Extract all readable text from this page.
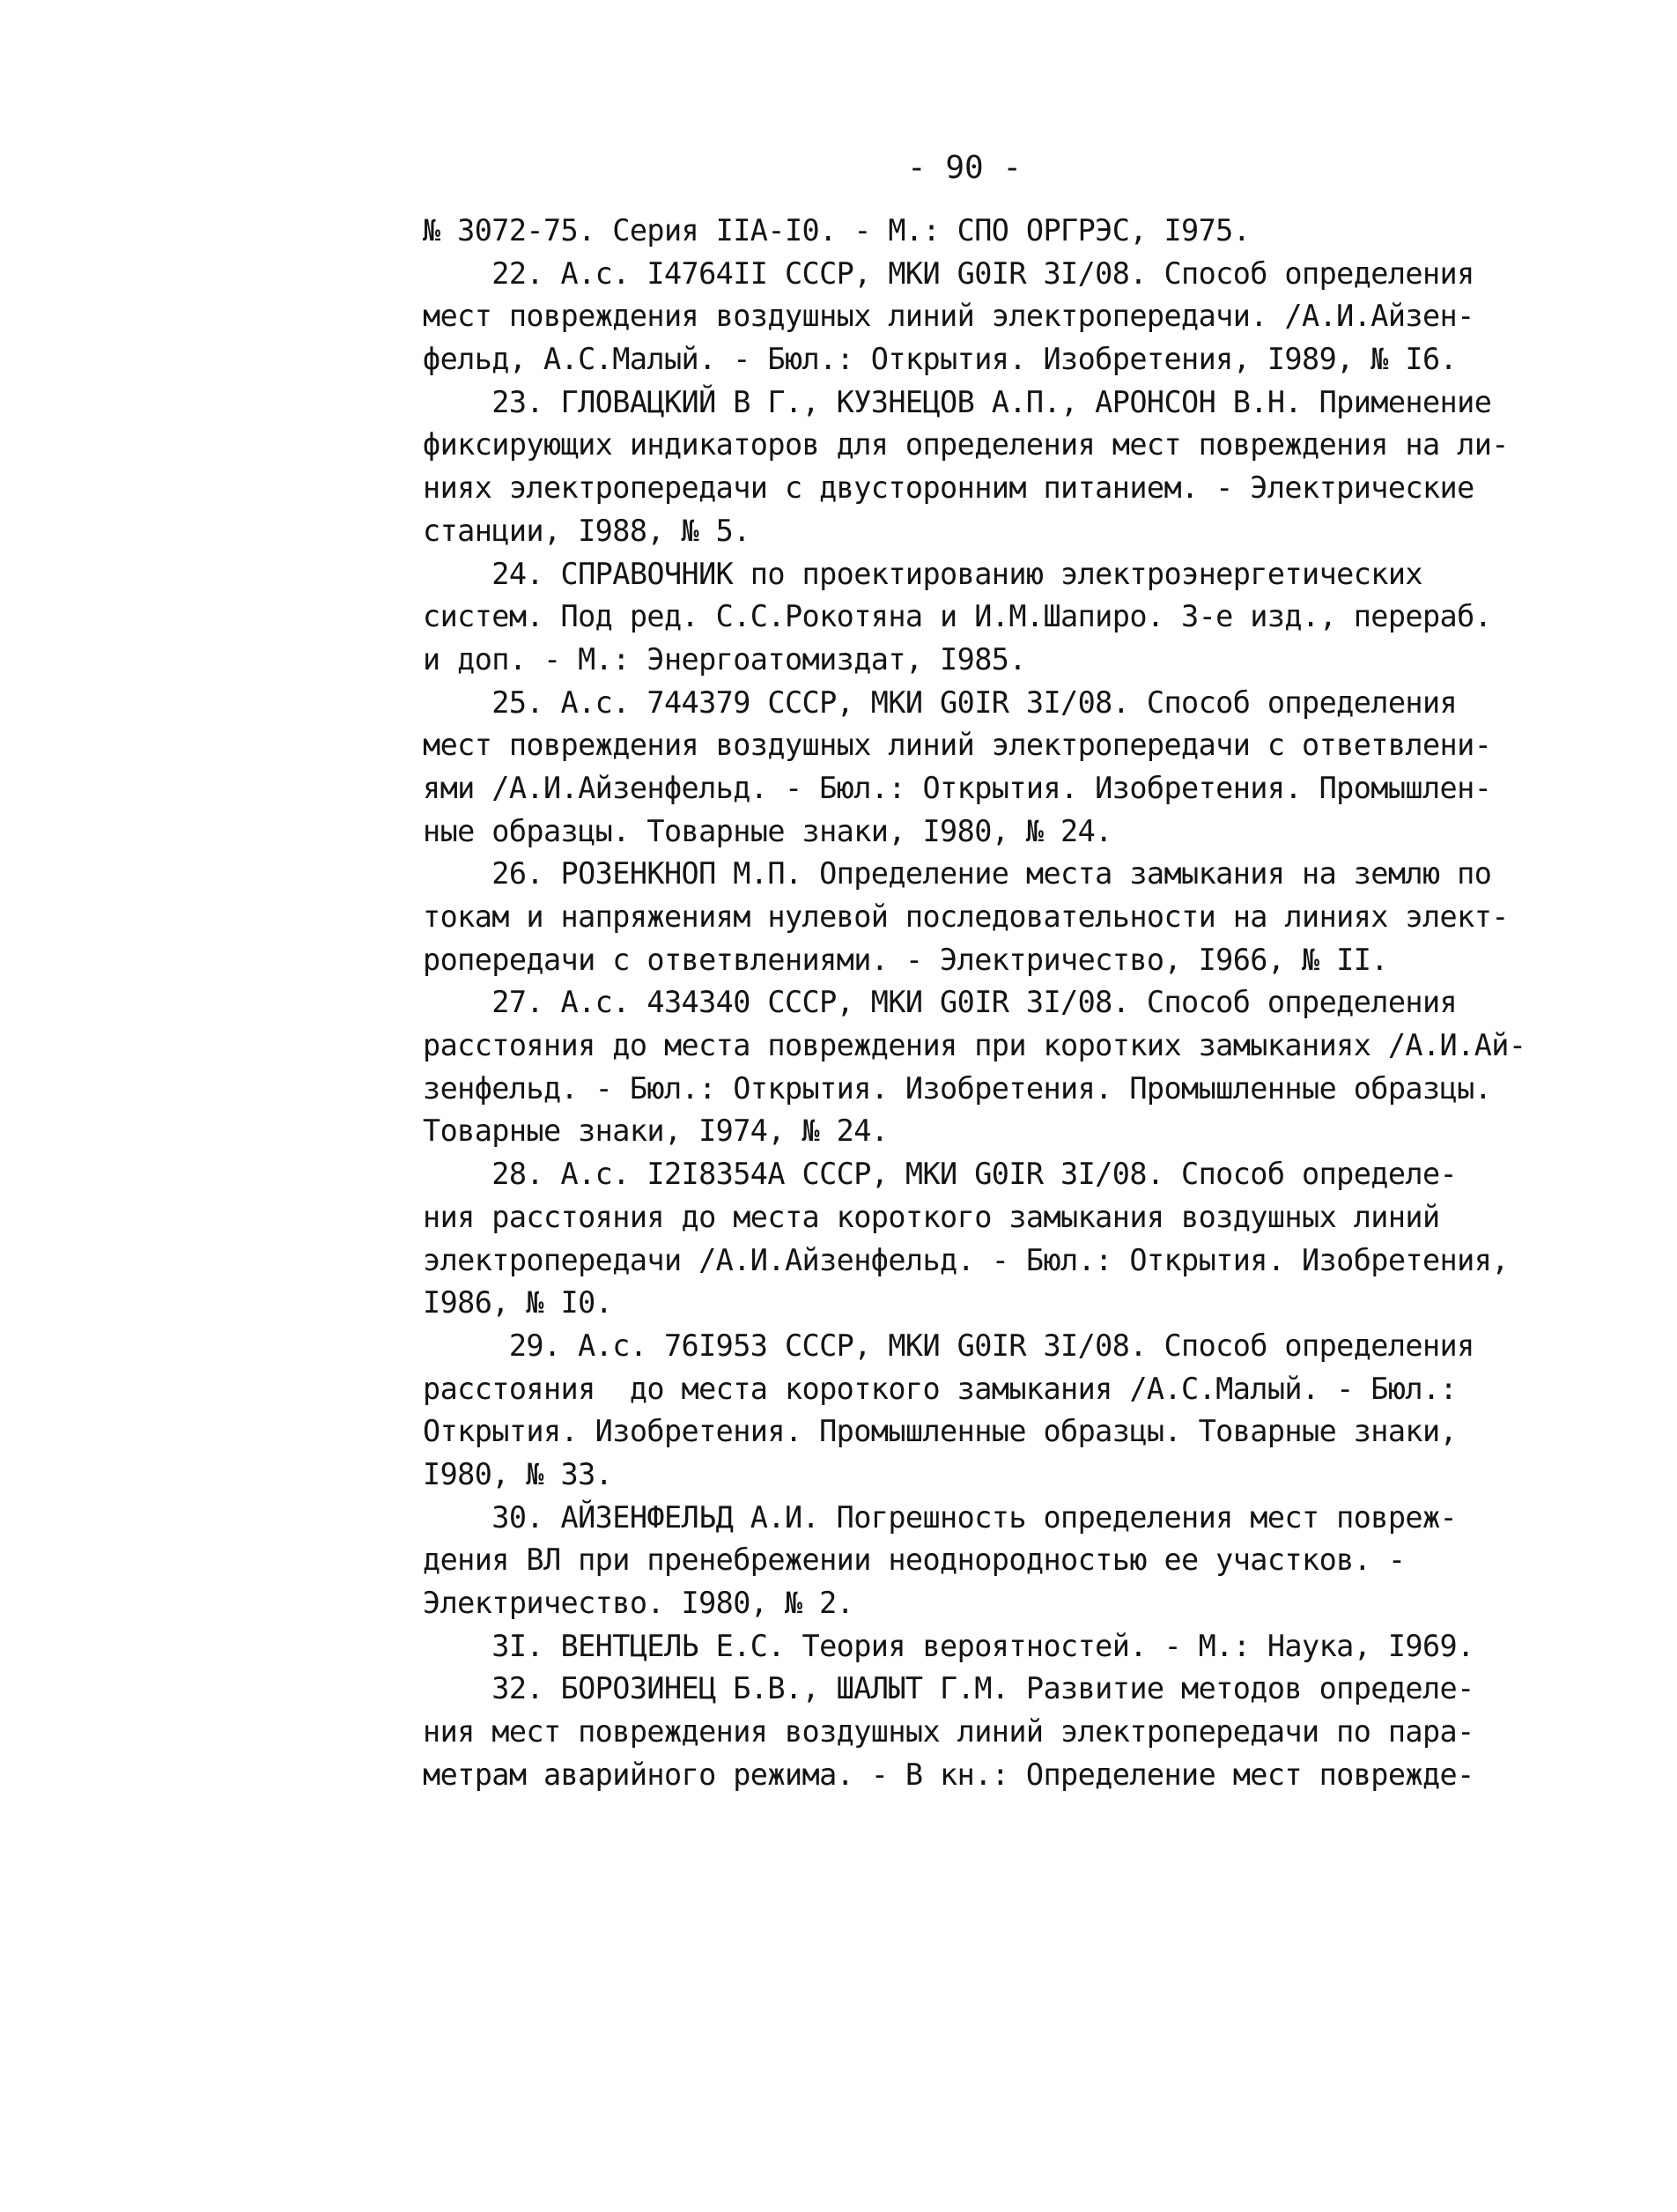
- 90 -
№ 3072-75. Серия IIА-I0. - М.: СПО ОРГРЭС, I975.
22. А.с. I4764II СССР, МКИ G0IR 3I/08. Способ определения
мест повреждения воздушных линий электропередачи. /А.И.Айзен-
фельд, А.С.Малый. - Бюл.: Открытия. Изобретения, I989, № I6.
23. ГЛОВАЦКИЙ В Г., КУЗНЕЦОВ А.П., АРОНСОН В.Н. Применение
фиксирующих индикаторов для определения мест повреждения на ли-
ниях электропередачи с двусторонним питанием. - Электрические
станции, I988, № 5.
24. СПРАВОЧНИК по проектированию электроэнергетических
систем. Под ред. С.С.Рокотяна и И.М.Шапиро. 3-е изд., перераб.
и доп. - М.: Энергоатомиздат, I985.
25. А.с. 744379 СССР, МКИ G0IR 3I/08. Способ определения
мест повреждения воздушных линий электропередачи с ответвлени-
ями /А.И.Айзенфельд. - Бюл.: Открытия. Изобретения. Промышлен-
ные образцы. Товарные знаки, I980, № 24.
26. РОЗЕНКНОП М.П. Определение места замыкания на землю по
токам и напряжениям нулевой последовательности на линиях элект-
ропередачи с ответвлениями. - Электричество, I966, № II.
27. А.с. 434340 СССР, МКИ G0IR 3I/08. Способ определения
расстояния до места повреждения при коротких замыканиях /А.И.Ай-
зенфельд. - Бюл.: Открытия. Изобретения. Промышленные образцы.
Товарные знаки, I974, № 24.
28. А.с. I2I8354А СССР, МКИ G0IR 3I/08. Способ определе-
ния расстояния до места короткого замыкания воздушных линий
электропередачи /А.И.Айзенфельд. - Бюл.: Открытия. Изобретения,
I986, № I0.
29. А.с. 76I953 СССР, МКИ G0IR 3I/08. Способ определения
расстояния  до места короткого замыкания /А.С.Малый. - Бюл.:
Открытия. Изобретения. Промышленные образцы. Товарные знаки,
I980, № 33.
30. АЙЗЕНФЕЛЬД А.И. Погрешность определения мест повреж-
дения ВЛ при пренебрежении неоднородностью ее участков. -
Электричество. I980, № 2.
3I. ВЕНТЦЕЛЬ Е.С. Теория вероятностей. - М.: Наука, I969.
32. БОРОЗИНЕЦ Б.В., ШАЛЫТ Г.М. Развитие методов определе-
ния мест повреждения воздушных линий электропередачи по пара-
метрам аварийного режима. - В кн.: Определение мест поврежде-
